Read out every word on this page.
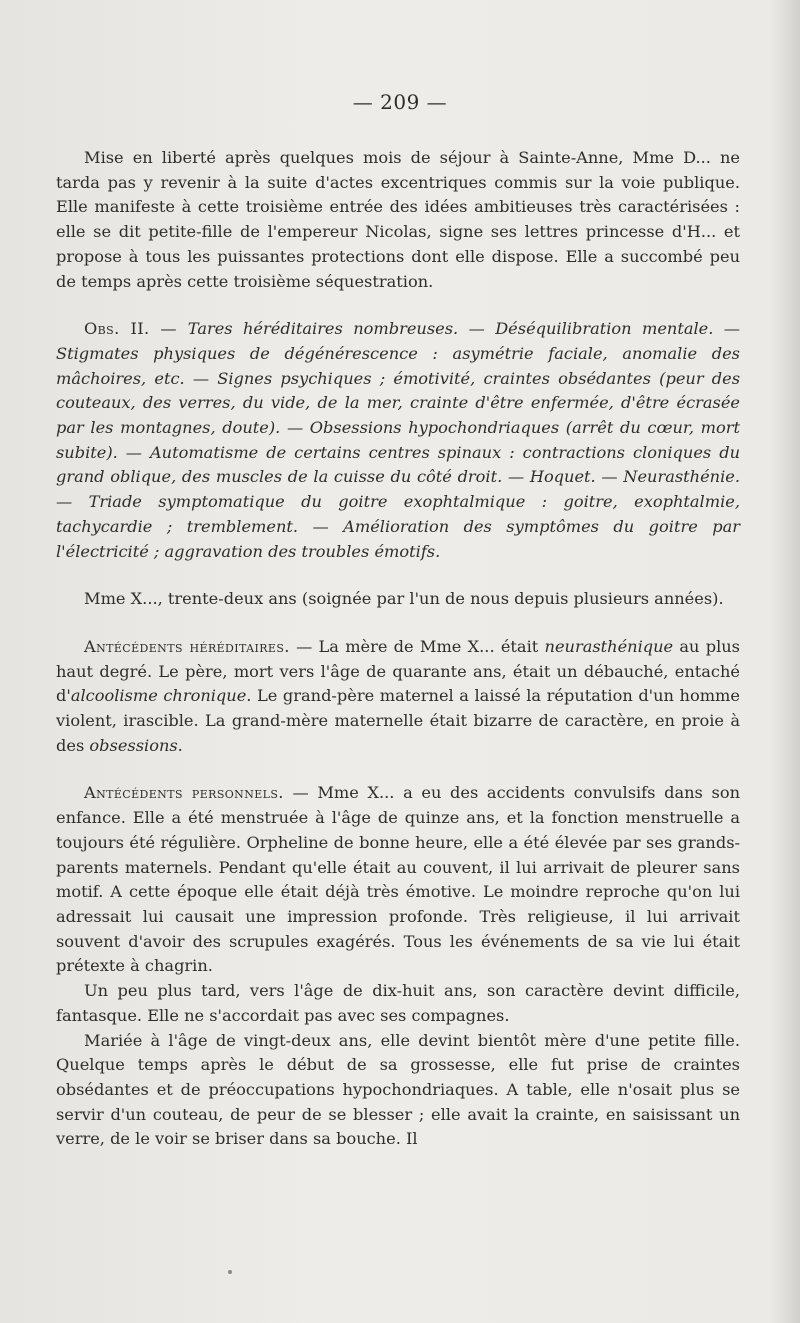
— 209 —

Mise en liberté après quelques mois de séjour à Sainte-Anne, Mme D... ne tarda pas y revenir à la suite d'actes excentriques commis sur la voie publique. Elle manifeste à cette troisième entrée des idées ambitieuses très caractérisées : elle se dit petite-fille de l'empereur Nicolas, signe ses lettres princesse d'H... et propose à tous les puissantes protections dont elle dispose. Elle a succombé peu de temps après cette troisième séquestration.

Obs. II. — Tares héréditaires nombreuses. — Déséquilibration mentale. — Stigmates physiques de dégénérescence : asymétrie faciale, anomalie des mâchoires, etc. — Signes psychiques ; émotivité, craintes obsédantes (peur des couteaux, des verres, du vide, de la mer, crainte d'être enfermée, d'être écrasée par les montagnes, doute). — Obsessions hypochondriaques (arrêt du cœur, mort subite). — Automatisme de certains centres spinaux : contractions cloniques du grand oblique, des muscles de la cuisse du côté droit. — Hoquet. — Neurasthénie. — Triade symptomatique du goitre exophtalmique : goitre, exophtalmie, tachycardie ; tremblement. — Amélioration des symptômes du goitre par l'électricité ; aggravation des troubles émotifs.

Mme X..., trente-deux ans (soignée par l'un de nous depuis plusieurs années).

Antécédents héréditaires. — La mère de Mme X... était neurasthénique au plus haut degré. Le père, mort vers l'âge de quarante ans, était un débauché, entaché d'alcoolisme chronique. Le grand-père maternel a laissé la réputation d'un homme violent, irascible. La grand-mère maternelle était bizarre de caractère, en proie à des obsessions.

Antécédents personnels. — Mme X... a eu des accidents convulsifs dans son enfance. Elle a été menstruée à l'âge de quinze ans, et la fonction menstruelle a toujours été régulière. Orpheline de bonne heure, elle a été élevée par ses grands-parents maternels. Pendant qu'elle était au couvent, il lui arrivait de pleurer sans motif. A cette époque elle était déjà très émotive. Le moindre reproche qu'on lui adressait lui causait une impression profonde. Très religieuse, il lui arrivait souvent d'avoir des scrupules exagérés. Tous les événements de sa vie lui était prétexte à chagrin.

Un peu plus tard, vers l'âge de dix-huit ans, son caractère devint difficile, fantasque. Elle ne s'accordait pas avec ses compagnes.

Mariée à l'âge de vingt-deux ans, elle devint bientôt mère d'une petite fille. Quelque temps après le début de sa grossesse, elle fut prise de craintes obsédantes et de préoccupations hypochondriaques. A table, elle n'osait plus se servir d'un couteau, de peur de se blesser ; elle avait la crainte, en saisissant un verre, de le voir se briser dans sa bouche. Il
